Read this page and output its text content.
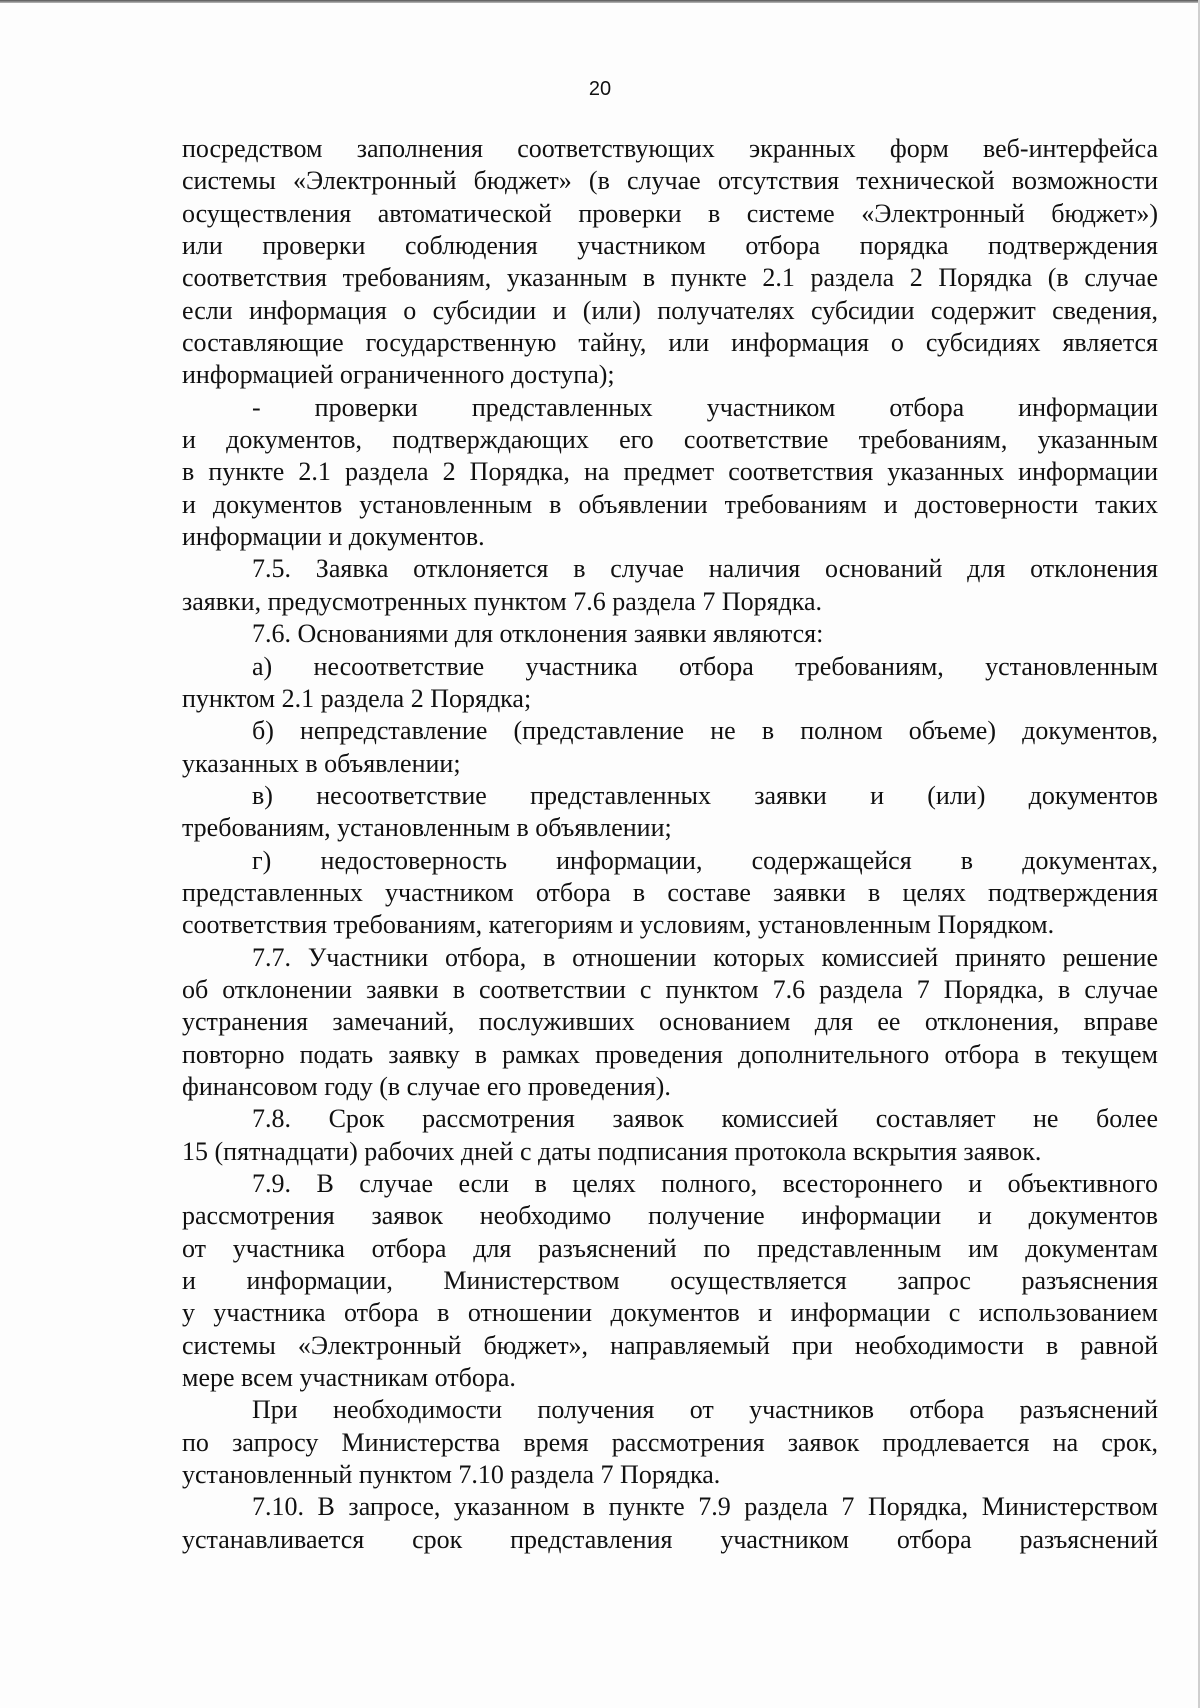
20
посредством заполнения соответствующих экранных форм веб-интерфейса
системы «Электронный бюджет» (в случае отсутствия технической возможности
осуществления автоматической проверки в системе «Электронный бюджет»)
или проверки соблюдения участником отбора порядка подтверждения
соответствия требованиям, указанным в пункте 2.1 раздела 2 Порядка (в случае
если информация о субсидии и (или) получателях субсидии содержит сведения,
составляющие государственную тайну, или информация о субсидиях является
информацией ограниченного доступа);
- проверки представленных участником отбора информации
и документов, подтверждающих его соответствие требованиям, указанным
в пункте 2.1 раздела 2 Порядка, на предмет соответствия указанных информации
и документов установленным в объявлении требованиям и достоверности таких
информации и документов.
7.5. Заявка отклоняется в случае наличия оснований для отклонения
заявки, предусмотренных пунктом 7.6 раздела 7 Порядка.
7.6. Основаниями для отклонения заявки являются:
а) несоответствие участника отбора требованиям, установленным
пунктом 2.1 раздела 2 Порядка;
б) непредставление (представление не в полном объеме) документов,
указанных в объявлении;
в) несоответствие представленных заявки и (или) документов
требованиям, установленным в объявлении;
г) недостоверность информации, содержащейся в документах,
представленных участником отбора в составе заявки в целях подтверждения
соответствия требованиям, категориям и условиям, установленным Порядком.
7.7. Участники отбора, в отношении которых комиссией принято решение
об отклонении заявки в соответствии с пунктом 7.6 раздела 7 Порядка, в случае
устранения замечаний, послуживших основанием для ее отклонения, вправе
повторно подать заявку в рамках проведения дополнительного отбора в текущем
финансовом году (в случае его проведения).
7.8. Срок рассмотрения заявок комиссией составляет не более
15 (пятнадцати) рабочих дней с даты подписания протокола вскрытия заявок.
7.9. В случае если в целях полного, всестороннего и объективного
рассмотрения заявок необходимо получение информации и документов
от участника отбора для разъяснений по представленным им документам
и информации, Министерством осуществляется запрос разъяснения
у участника отбора в отношении документов и информации с использованием
системы «Электронный бюджет», направляемый при необходимости в равной
мере всем участникам отбора.
При необходимости получения от участников отбора разъяснений
по запросу Министерства время рассмотрения заявок продлевается на срок,
установленный пунктом 7.10 раздела 7 Порядка.
7.10. В запросе, указанном в пункте 7.9 раздела 7 Порядка, Министерством
устанавливается срок представления участником отбора разъяснений
